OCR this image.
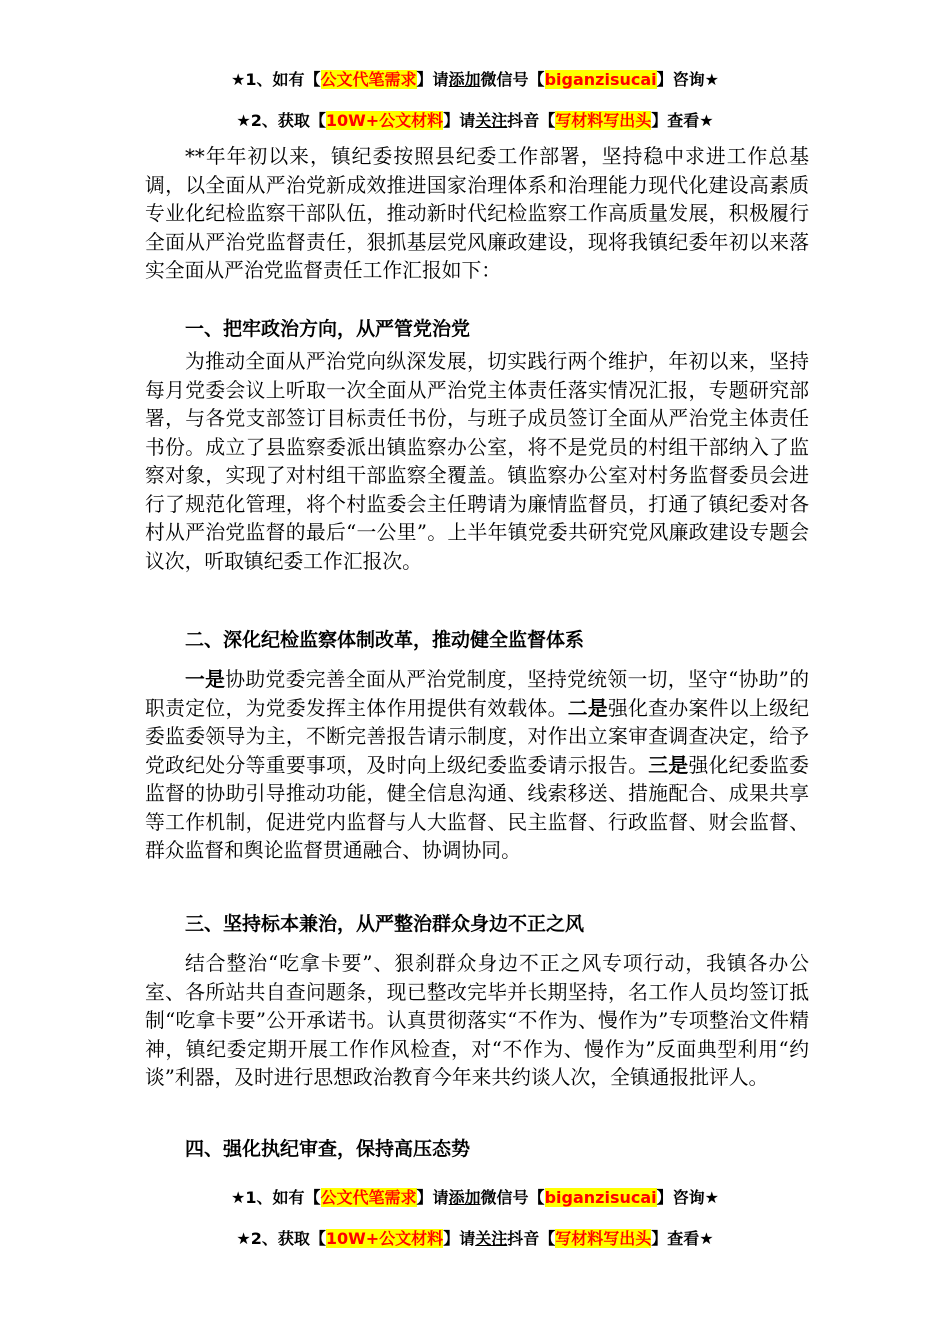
★1、如有【公文代笔需求】请添加微信号【biganzisucai】咨询★
★2、获取【10W+公文材料】请关注抖音【写材料写出头】查看★

**年年初以来，镇纪委按照县纪委工作部署，坚持稳中求进工作总基调，以全面从严治党新成效推进国家治理体系和治理能力现代化建设高素质专业化纪检监察干部队伍，推动新时代纪检监察工作高质量发展，积极履行全面从严治党监督责任，狠抓基层党风廉政建设，现将我镇纪委年初以来落实全面从严治党监督责任工作汇报如下：

一、把牢政治方向，从严管党治党

为推动全面从严治党向纵深发展，切实践行两个维护，年初以来，坚持每月党委会议上听取一次全面从严治党主体责任落实情况汇报，专题研究部署，与各党支部签订目标责任书份，与班子成员签订全面从严治党主体责任书份。成立了县监察委派出镇监察办公室，将不是党员的村组干部纳入了监察对象，实现了对村组干部监察全覆盖。镇监察办公室对村务监督委员会进行了规范化管理，将个村监委会主任聘请为廉情监督员，打通了镇纪委对各村从严治党监督的最后“一公里”。上半年镇党委共研究党风廉政建设专题会议次，听取镇纪委工作汇报次。

二、深化纪检监察体制改革，推动健全监督体系

一是协助党委完善全面从严治党制度，坚持党统领一切，坚守“协助”的职责定位，为党委发挥主体作用提供有效载体。二是强化查办案件以上级纪委监委领导为主，不断完善报告请示制度，对作出立案审查调查决定，给予党政纪处分等重要事项，及时向上级纪委监委请示报告。三是强化纪委监委监督的协助引导推动功能，健全信息沟通、线索移送、措施配合、成果共享等工作机制，促进党内监督与人大监督、民主监督、行政监督、财会监督、群众监督和舆论监督贯通融合、协调协同。

三、坚持标本兼治，从严整治群众身边不正之风

结合整治“吃拿卡要”、狠刹群众身边不正之风专项行动，我镇各办公室、各所站共自查问题条，现已整改完毕并长期坚持，名工作人员均签订抵制“吃拿卡要”公开承诺书。认真贯彻落实“不作为、慢作为”专项整治文件精神，镇纪委定期开展工作作风检查，对“不作为、慢作为”反面典型利用“约谈”利器，及时进行思想政治教育今年来共约谈人次，全镇通报批评人。

四、强化执纪审查，保持高压态势
★1、如有【公文代笔需求】请添加微信号【biganzisucai】咨询★
★2、获取【10W+公文材料】请关注抖音【写材料写出头】查看★
